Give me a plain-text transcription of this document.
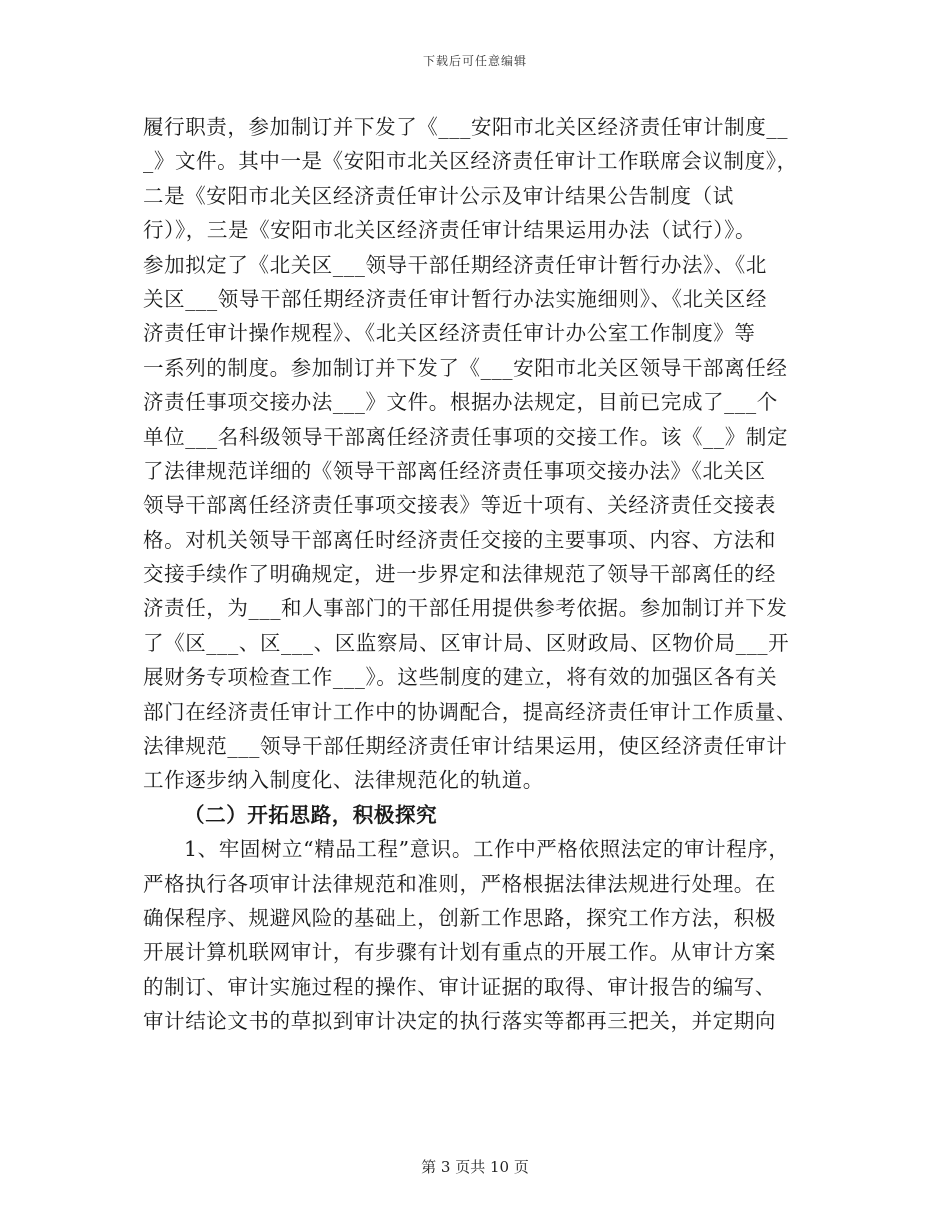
下载后可任意编辑
履行职责，参加制订并下发了《___安阳市北关区经济责任审计制度__
_》文件。其中一是《安阳市北关区经济责任审计工作联席会议制度》，
二是《安阳市北关区经济责任审计公示及审计结果公告制度（试
行）》，三是《安阳市北关区经济责任审计结果运用办法（试行）》。
参加拟定了《北关区___领导干部任期经济责任审计暂行办法》、《北
关区___领导干部任期经济责任审计暂行办法实施细则》、《北关区经
济责任审计操作规程》、《北关区经济责任审计办公室工作制度》等
一系列的制度。参加制订并下发了《___安阳市北关区领导干部离任经
济责任事项交接办法___》文件。根据办法规定，目前已完成了___个
单位___名科级领导干部离任经济责任事项的交接工作。该《__》制定
了法律规范详细的《领导干部离任经济责任事项交接办法》《北关区
领导干部离任经济责任事项交接表》等近十项有、关经济责任交接表
格。对机关领导干部离任时经济责任交接的主要事项、内容、方法和
交接手续作了明确规定，进一步界定和法律规范了领导干部离任的经
济责任，为___和人事部门的干部任用提供参考依据。参加制订并下发
了《区___、区___、区监察局、区审计局、区财政局、区物价局___开
展财务专项检查工作___》。这些制度的建立，将有效的加强区各有关
部门在经济责任审计工作中的协调配合，提高经济责任审计工作质量、
法律规范___领导干部任期经济责任审计结果运用，使区经济责任审计
工作逐步纳入制度化、法律规范化的轨道。
（二）开拓思路，积极探究
1、牢固树立“精品工程”意识。工作中严格依照法定的审计程序，
严格执行各项审计法律规范和准则，严格根据法律法规进行处理。在
确保程序、规避风险的基础上，创新工作思路，探究工作方法，积极
开展计算机联网审计，有步骤有计划有重点的开展工作。从审计方案
的制订、审计实施过程的操作、审计证据的取得、审计报告的编写、
审计结论文书的草拟到审计决定的执行落实等都再三把关，并定期向
第 3 页共 10 页
